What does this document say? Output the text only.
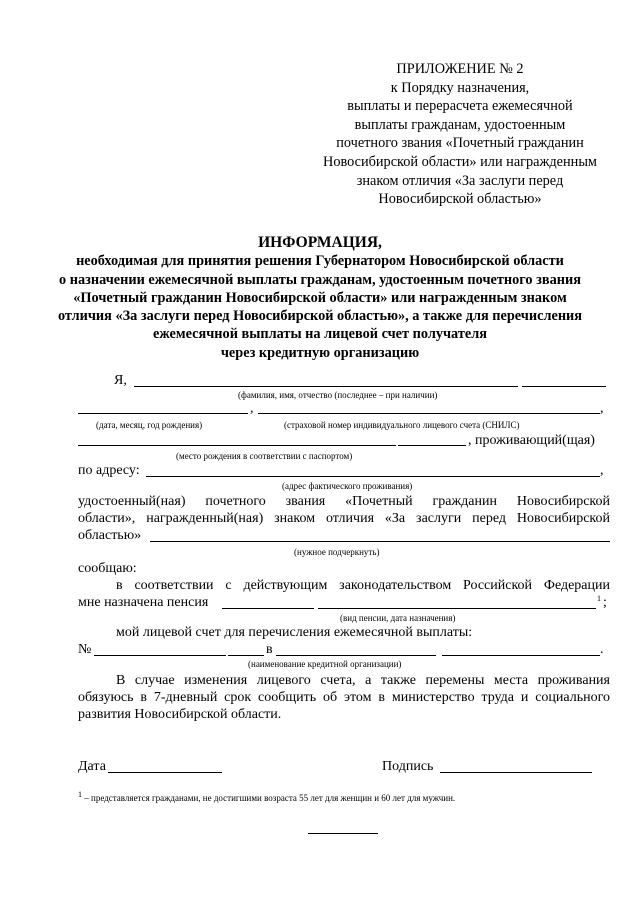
ПРИЛОЖЕНИЕ № 2
к Порядку назначения,
выплаты и перерасчета ежемесячной
выплаты гражданам, удостоенным
почетного звания «Почетный гражданин
Новосибирской области» или награжденным
знаком отличия «За заслуги перед
Новосибирской областью»
ИНФОРМАЦИЯ,
необходимая для принятия решения Губернатором Новосибирской области
о назначении ежемесячной выплаты гражданам, удостоенным почетного звания
«Почетный гражданин Новосибирской области» или награжденным знаком
отличия «За заслуги перед Новосибирской областью», а также для перечисления
ежемесячной выплаты на лицевой счет получателя
через кредитную организацию
Я,
(фамилия, имя, отчество (последнее – при наличии)
,	,
(дата, месяц, год рождения)	(страховой номер индивидуального лицевого счета (СНИЛС)
, проживающий(щая)
(место рождения в соответствии с паспортом)
по адресу:	,
(адрес фактического проживания)
удостоенный(ная) почетного звания «Почетный гражданин Новосибирской
области», награжденный(ная) знаком отличия «За заслуги перед Новосибирской
областью»
(нужное подчеркнуть)
сообщаю:
в соответствии с действующим законодательством Российской Федерации
мне назначена пенсия	1 ;
(вид пенсии, дата назначения)
мой лицевой счет для перечисления ежемесячной выплаты:
№	в	.
(наименование кредитной организации)
В случае изменения лицевого счета, а также перемены места проживания
обязуюсь в 7-дневный срок сообщить об этом в министерство труда и социального
развития Новосибирской области.
Дата	Подпись
$^1$ – представляется гражданами, не достигшими возраста 55 лет для женщин и 60 лет для мужчин.
